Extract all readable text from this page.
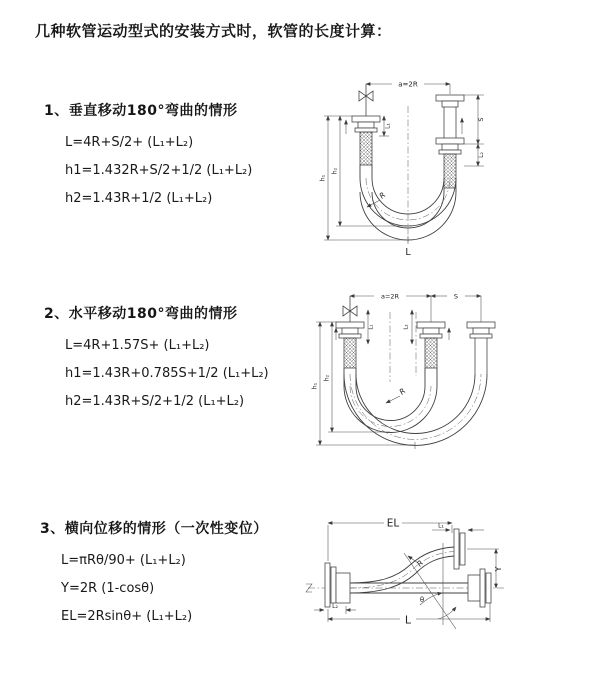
几种软管运动型式的安装方式时，软管的长度计算：
1、垂直移动180°弯曲的情形
L=4R+S/2+ (L₁+L₂)
h1=1.432R+S/2+1/2 (L₁+L₂)
h2=1.43R+1/2 (L₁+L₂)
2、水平移动180°弯曲的情形
L=4R+1.57S+ (L₁+L₂)
h1=1.43R+0.785S+1/2 (L₁+L₂)
h2=1.43R+S/2+1/2 (L₁+L₂)
3、横向位移的情形（一次性变位）
L=πRθ/90+ (L₁+L₂)
Y=2R (1-cosθ)
EL=2Rsinθ+ (L₁+L₂)
a=2R
L₁
S
L₂
h₂
h₁
R
L
a=2R	S
L₁	L₂
h₂
h₁
R
EL	L₁
Y
θ
R
L₂
L
